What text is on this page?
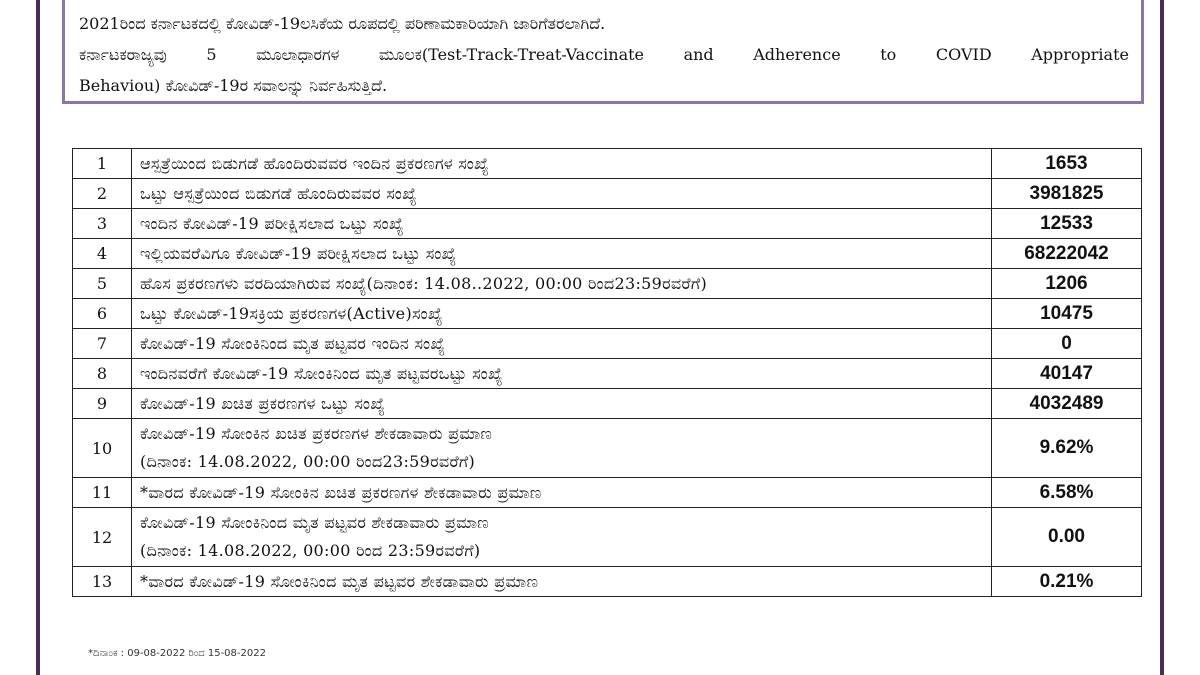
2021ರಿಂದ ಕರ್ನಾಟಕದಲ್ಲಿ ಕೋವಿಡ್-19ಲಸಿಕೆಯ ರೂಪದಲ್ಲಿ ಪರಿಣಾಮಕಾರಿಯಾಗಿ ಜಾರಿಗೆತರಲಾಗಿದೆ.

ಕರ್ನಾಟಕರಾಜ್ಯವು 5 ಮೂಲಾಧಾರಗಳ ಮೂಲಕ(Test-Track-Treat-Vaccinate and Adherence to COVID Appropriate

Behaviou) ಕೋವಿಡ್-19ರ ಸವಾಲನ್ನು ನಿರ್ವಹಿಸುತ್ತಿದೆ.

1	ಆಸ್ಪತ್ರೆಯಿಂದ ಬಿಡುಗಡೆ ಹೊಂದಿರುವವರ ಇಂದಿನ ಪ್ರಕರಣಗಳ ಸಂಖ್ಯೆ	1653
2	ಒಟ್ಟು ಆಸ್ಪತ್ರೆಯಿಂದ ಬಿಡುಗಡೆ ಹೊಂದಿರುವವರ ಸಂಖ್ಯೆ	3981825
3	ಇಂದಿನ ಕೋವಿಡ್-19 ಪರೀಕ್ಷಿಸಲಾದ ಒಟ್ಟು ಸಂಖ್ಯೆ	12533
4	ಇಲ್ಲಿಯವರೆವಿಗೂ ಕೋವಿಡ್-19 ಪರೀಕ್ಷಿಸಲಾದ ಒಟ್ಟು ಸಂಖ್ಯೆ	68222042
5	ಹೊಸ ಪ್ರಕರಣಗಳು ವರದಿಯಾಗಿರುವ ಸಂಖ್ಯೆ(ದಿನಾಂಕ: 14.08..2022, 00:00 ರಿಂದ23:59ರವರೆಗೆ)	1206
6	ಒಟ್ಟು ಕೋವಿಡ್-19ಸಕ್ರಿಯ ಪ್ರಕರಣಗಳ(Active)ಸಂಖ್ಯೆ	10475
7	ಕೋವಿಡ್-19 ಸೋಂಕಿನಿಂದ ಮೃತ ಪಟ್ಟವರ ಇಂದಿನ ಸಂಖ್ಯೆ	0
8	ಇಂದಿನವರೆಗೆ ಕೋವಿಡ್-19 ಸೋಂಕಿನಿಂದ ಮೃತ ಪಟ್ಟವರಒಟ್ಟು ಸಂಖ್ಯೆ	40147
9	ಕೋವಿಡ್-19 ಖಚಿತ ಪ್ರಕರಣಗಳ ಒಟ್ಟು ಸಂಖ್ಯೆ	4032489
10	ಕೋವಿಡ್-19 ಸೋಂಕಿನ ಖಚಿತ ಪ್ರಕರಣಗಳ ಶೇಕಡಾವಾರು ಪ್ರಮಾಣ
(ದಿನಾಂಕ: 14.08.2022, 00:00 ರಿಂದ23:59ರವರೆಗೆ)	9.62%
11	*ವಾರದ ಕೋವಿಡ್-19 ಸೋಂಕಿನ ಖಚಿತ ಪ್ರಕರಣಗಳ ಶೇಕಡಾವಾರು ಪ್ರಮಾಣ	6.58%
12	ಕೋವಿಡ್-19 ಸೋಂಕಿನಿಂದ ಮೃತ ಪಟ್ಟವರ ಶೇಕಡಾವಾರು ಪ್ರಮಾಣ
(ದಿನಾಂಕ: 14.08.2022, 00:00 ರಿಂದ 23:59ರವರೆಗೆ)	0.00
13	*ವಾರದ ಕೋವಿಡ್-19 ಸೋಂಕಿನಿಂದ ಮೃತ ಪಟ್ಟವರ ಶೇಕಡಾವಾರು ಪ್ರಮಾಣ	0.21%
*ದಿನಾಂಕ : 09-08-2022 ರಿಂದ 15-08-2022
